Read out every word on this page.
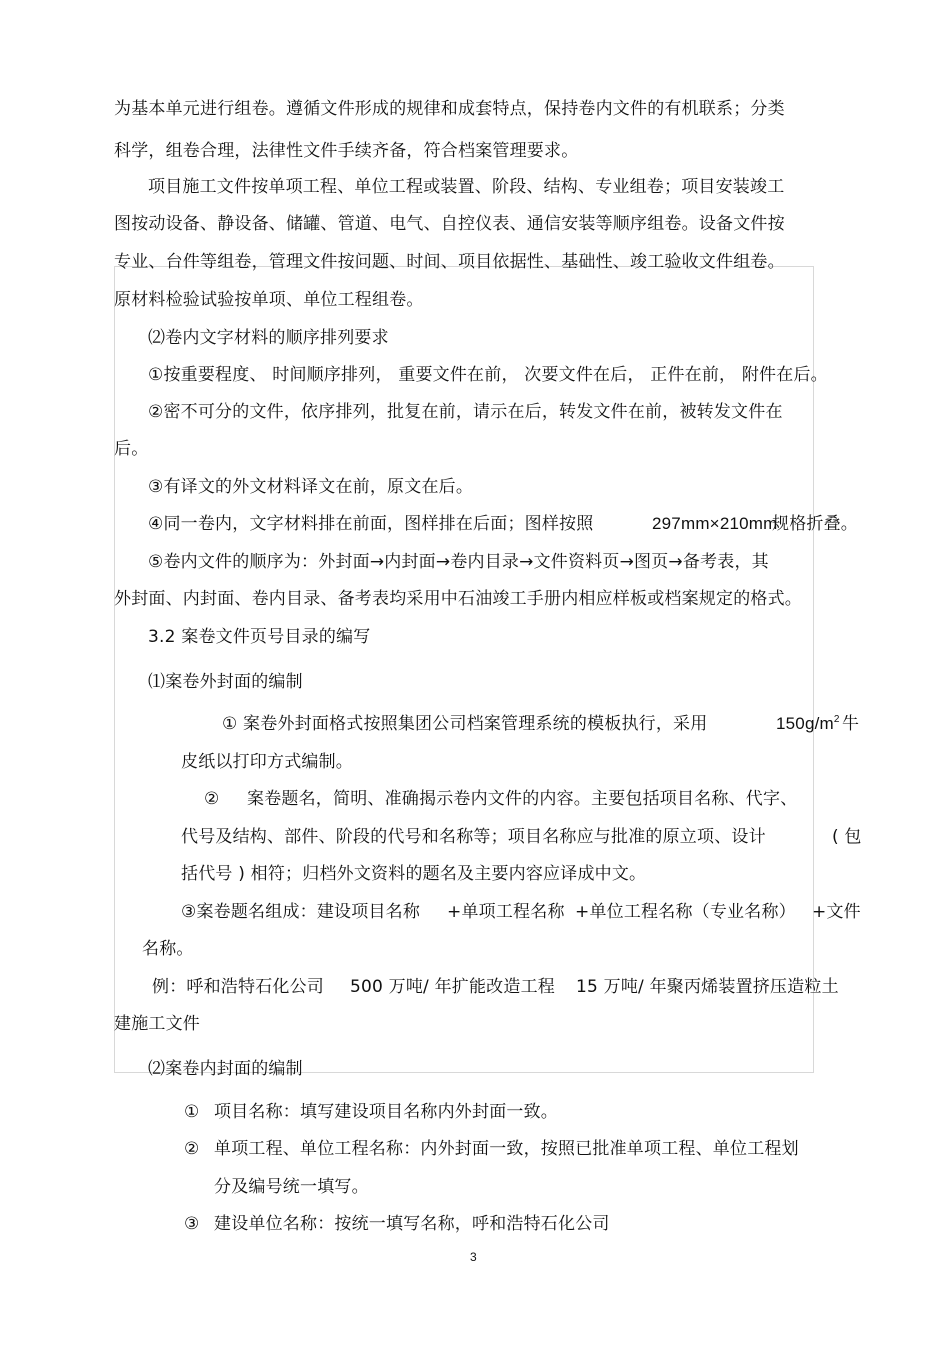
为基本单元进行组卷。遵循文件形成的规律和成套特点，保持卷内文件的有机联系；分类
科学，组卷合理，法律性文件手续齐备，符合档案管理要求。
项目施工文件按单项工程、单位工程或装置、阶段、结构、专业组卷；项目安装竣工
图按动设备、静设备、储罐、管道、电气、自控仪表、通信安装等顺序组卷。设备文件按
专业、台件等组卷，管理文件按问题、时间、项目依据性、基础性、竣工验收文件组卷。
原材料检验试验按单项、单位工程组卷。
⑵卷内文字材料的顺序排列要求
①按重要程度、 时间顺序排列， 重要文件在前， 次要文件在后， 正件在前， 附件在后。
②密不可分的文件，依序排列，批复在前，请示在后，转发文件在前，被转发文件在
后。
③有译文的外文材料译文在前，原文在后。
④同一卷内，文字材料排在前面，图样排在后面；图样按照	297mm×210mm
规格折叠。
⑤卷内文件的顺序为：外封面→内封面→卷内目录→文件资料页→图页→备考表，其
外封面、内封面、卷内目录、备考表均采用中石油竣工手册内相应样板或档案规定的格式。
3.2 案卷文件页号目录的编写
⑴案卷外封面的编制
① 案卷外封面格式按照集团公司档案管理系统的模板执行，采用	$150g/m^2$ 牛
皮纸以打印方式编制。
② 案卷题名，简明、准确揭示卷内文件的内容。主要包括项目名称、代字、
代号及结构、部件、阶段的代号和名称等；项目名称应与批准的原立项、设计	( 包
括代号 ) 相符；归档外文资料的题名及主要内容应译成中文。
③案卷题名组成：建设项目名称 +单项工程名称 +单位工程名称（专业名称） +文件
名称。
例：呼和浩特石化公司 500 万吨/ 年扩能改造工程 15 万吨/ 年聚丙烯装置挤压造粒土
建施工文件
⑵案卷内封面的编制
① 项目名称：填写建设项目名称内外封面一致。
② 单项工程、单位工程名称：内外封面一致，按照已批准单项工程、单位工程划
分及编号统一填写。
③ 建设单位名称：按统一填写名称，呼和浩特石化公司
3
